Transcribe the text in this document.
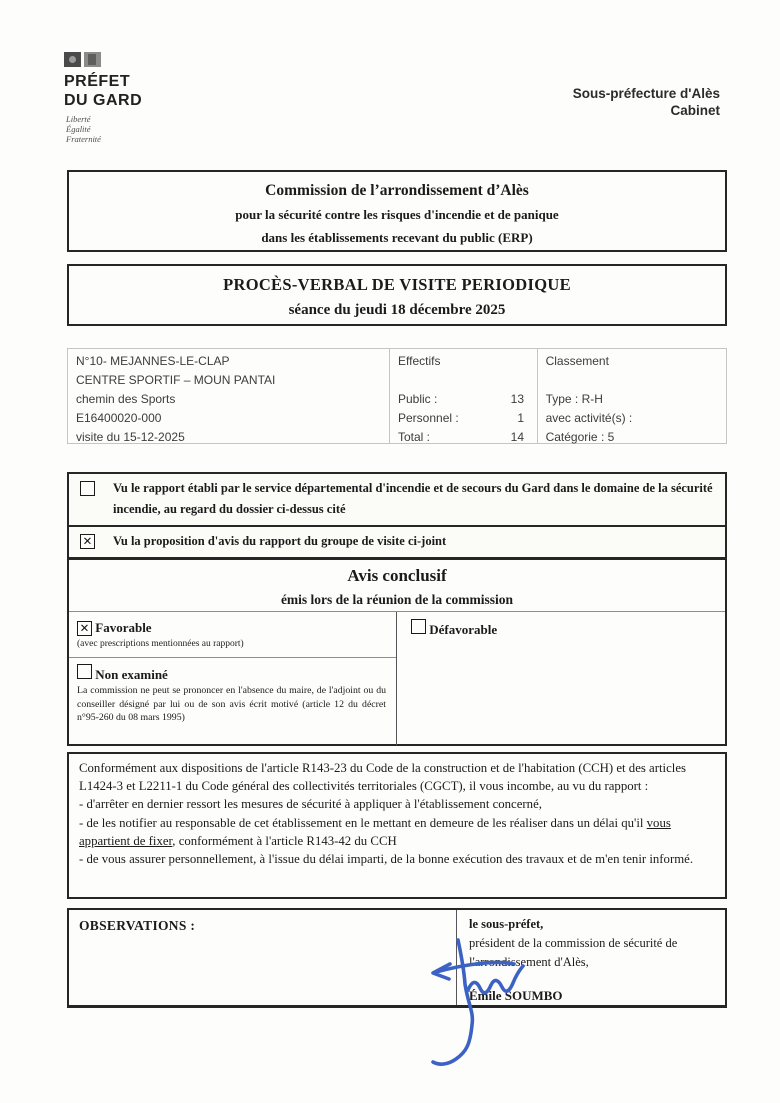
PRÉFET
DU GARD
Liberté
Égalité
Fraternité
Sous-préfecture d'Alès
Cabinet
Commission de l’arrondissement d’Alès
pour la sécurité contre les risques d'incendie et de panique
dans les établissements recevant du public (ERP)
PROCÈS-VERBAL DE VISITE PERIODIQUE
séance du jeudi 18 décembre 2025
N°10- MEJANNES-LE-CLAP
CENTRE SPORTIF – MOUN PANTAI
chemin des Sports
E16400020-000
visite du 15-12-2025
Effectifs
Public :	13
Personnel :	1
Total :	14
Classement
Type : R-H
avec activité(s) :
Catégorie : 5
Vu le rapport établi par le service départemental d'incendie et de secours du Gard dans le domaine de la sécurité incendie, au regard du dossier ci-dessus cité
✕ Vu la proposition d'avis du rapport du groupe de visite ci-joint
Avis conclusif
émis lors de la réunion de la commission
✕ Favorable
(avec prescriptions mentionnées au rapport)
Non examiné
La commission ne peut se prononcer en l'absence du maire, de l'adjoint ou du conseiller désigné par lui ou de son avis écrit motivé (article 12 du décret n°95-260 du 08 mars 1995)
Défavorable
Conformément aux dispositions de l'article R143-23 du Code de la construction et de l'habitation (CCH) et des articles L1424-3 et L2211-1 du Code général des collectivités territoriales (CGCT), il vous incombe, au vu du rapport :
- d'arrêter en dernier ressort les mesures de sécurité à appliquer à l'établissement concerné,
- de les notifier au responsable de cet établissement en le mettant en demeure de les réaliser dans un délai qu'il vous appartient de fixer, conformément à l'article R143-42 du CCH
- de vous assurer personnellement, à l'issue du délai imparti, de la bonne exécution des travaux et de m'en tenir informé.
OBSERVATIONS :	le sous-préfet,
président de la commission de sécurité de
l'arrondissement d'Alès,
Émile SOUMBO
